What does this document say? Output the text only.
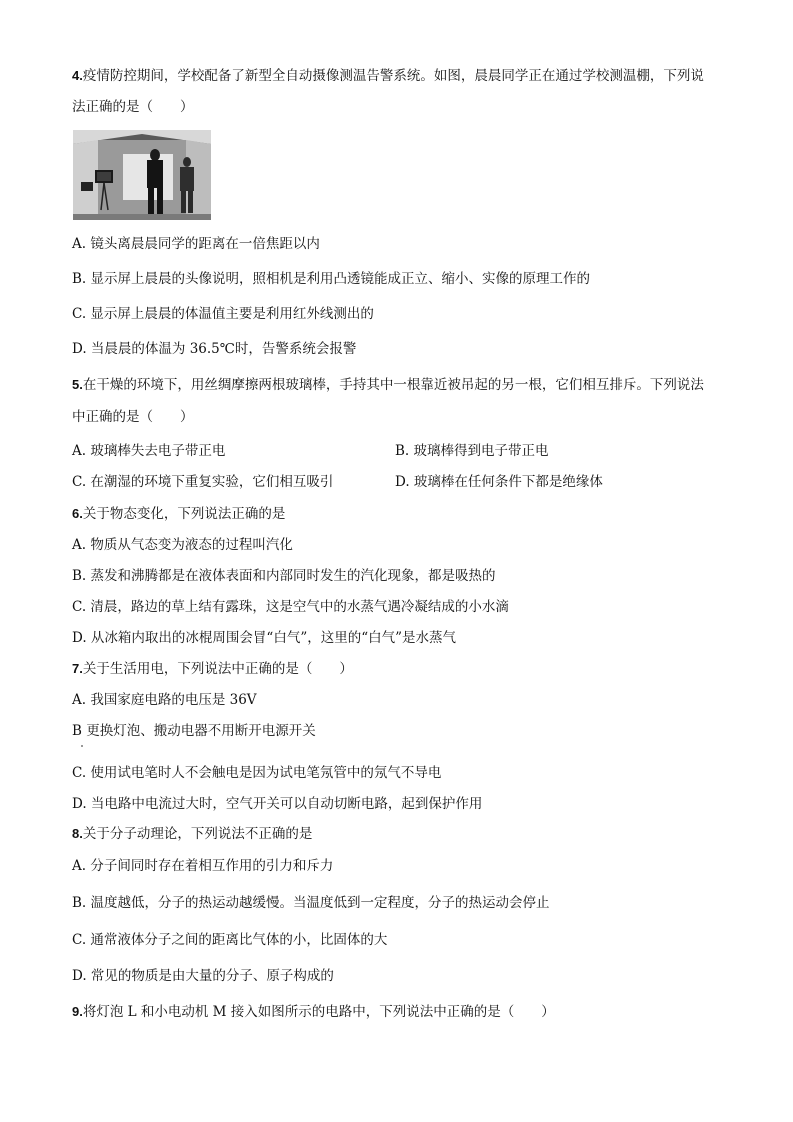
4.疫情防控期间，学校配备了新型全自动摄像测温告警系统。如图，晨晨同学正在通过学校测温棚，下列说
法正确的是（　　）
A. 镜头离晨晨同学的距离在一倍焦距以内
B. 显示屏上晨晨的头像说明，照相机是利用凸透镜能成正立、缩小、实像的原理工作的
C. 显示屏上晨晨的体温值主要是利用红外线测出的
D. 当晨晨的体温为 36.5℃时，告警系统会报警
5.在干燥的环境下，用丝绸摩擦两根玻璃棒，手持其中一根靠近被吊起的另一根，它们相互排斥。下列说法
中正确的是（　　）
A. 玻璃棒失去电子带正电	B. 玻璃棒得到电子带正电
C. 在潮湿的环境下重复实验，它们相互吸引	D. 玻璃棒在任何条件下都是绝缘体
6.关于物态变化，下列说法正确的是
A. 物质从气态变为液态的过程叫汽化
B. 蒸发和沸腾都是在液体表面和内部同时发生的汽化现象，都是吸热的
C. 清晨，路边的草上结有露珠，这是空气中的水蒸气遇冷凝结成的小水滴
D. 从冰箱内取出的冰棍周围会冒“白气”，这里的“白气”是水蒸气
7.关于生活用电，下列说法中正确的是（　　）
A. 我国家庭电路的电压是 36V
B 更换灯泡、搬动电器不用断开电源开关
C. 使用试电笔时人不会触电是因为试电笔氖管中的氖气不导电
D. 当电路中电流过大时，空气开关可以自动切断电路，起到保护作用
8.关于分子动理论，下列说法不正确的是
A. 分子间同时存在着相互作用的引力和斥力
B. 温度越低，分子的热运动越缓慢。当温度低到一定程度，分子的热运动会停止
C. 通常液体分子之间的距离比气体的小，比固体的大
D. 常见的物质是由大量的分子、原子构成的
9.将灯泡 L 和小电动机 M 接入如图所示的电路中，下列说法中正确的是（　　）
